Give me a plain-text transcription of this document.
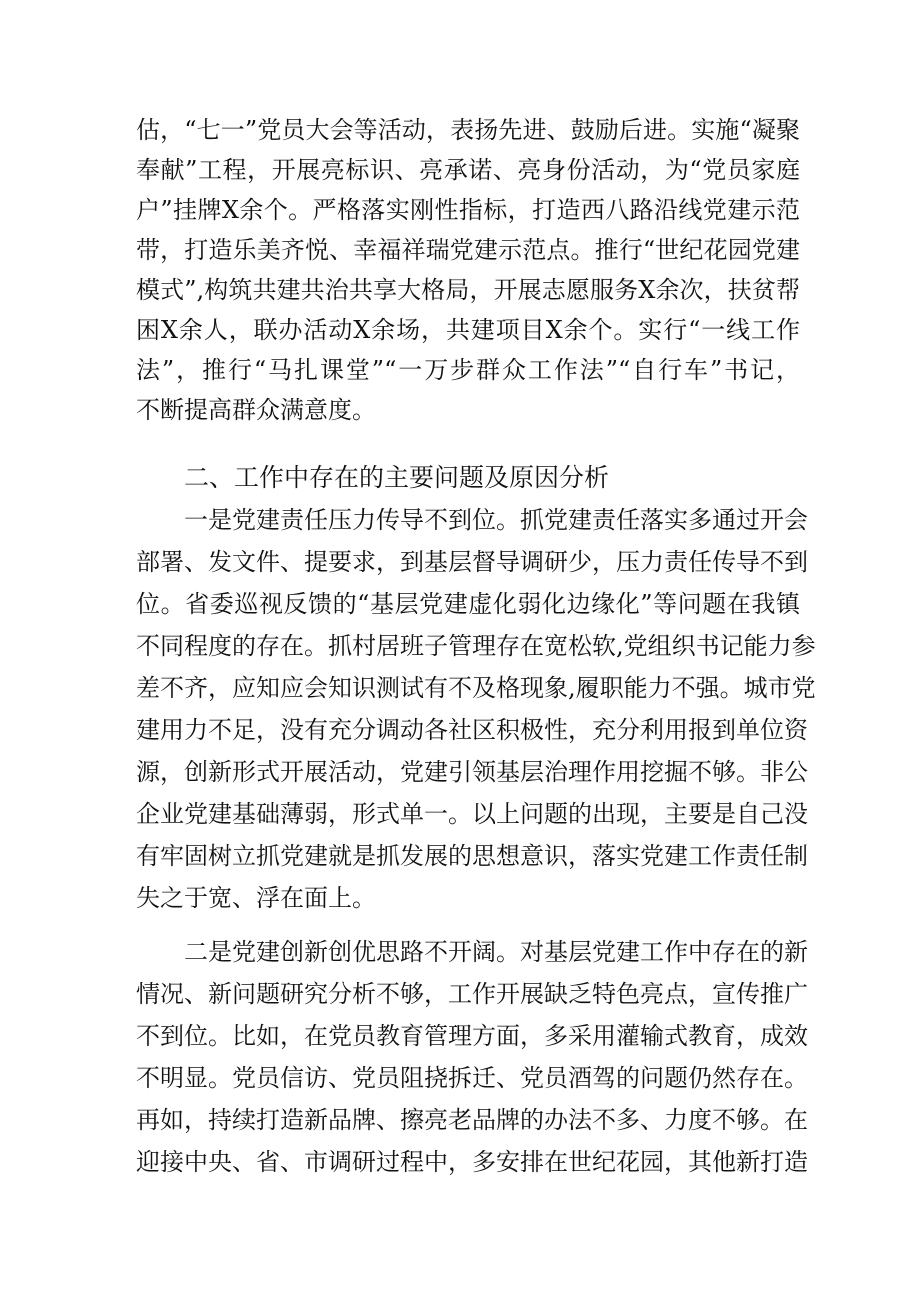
估，“七一”党员大会等活动，表扬先进、鼓励后进。实施“凝聚
奉献”工程，开展亮标识、亮承诺、亮身份活动，为“党员家庭
户”挂牌X余个。严格落实刚性指标，打造西八路沿线党建示范
带，打造乐美齐悦、幸福祥瑞党建示范点。推行“世纪花园党建
模式”,构筑共建共治共享大格局，开展志愿服务X余次，扶贫帮
困X余人，联办活动X余场，共建项目X余个。实行“一线工作
法”，推行“马扎课堂”“一万步群众工作法”“自行车”书记，
不断提高群众满意度。
二、工作中存在的主要问题及原因分析
一是党建责任压力传导不到位。抓党建责任落实多通过开会
部署、发文件、提要求，到基层督导调研少，压力责任传导不到
位。省委巡视反馈的“基层党建虚化弱化边缘化”等问题在我镇
不同程度的存在。抓村居班子管理存在宽松软,党组织书记能力参
差不齐，应知应会知识测试有不及格现象,履职能力不强。城市党
建用力不足，没有充分调动各社区积极性，充分利用报到单位资
源，创新形式开展活动，党建引领基层治理作用挖掘不够。非公
企业党建基础薄弱，形式单一。以上问题的出现，主要是自己没
有牢固树立抓党建就是抓发展的思想意识，落实党建工作责任制
失之于宽、浮在面上。
二是党建创新创优思路不开阔。对基层党建工作中存在的新
情况、新问题研究分析不够，工作开展缺乏特色亮点，宣传推广
不到位。比如，在党员教育管理方面，多采用灌输式教育，成效
不明显。党员信访、党员阻挠拆迁、党员酒驾的问题仍然存在。
再如，持续打造新品牌、擦亮老品牌的办法不多、力度不够。在
迎接中央、省、市调研过程中，多安排在世纪花园，其他新打造
